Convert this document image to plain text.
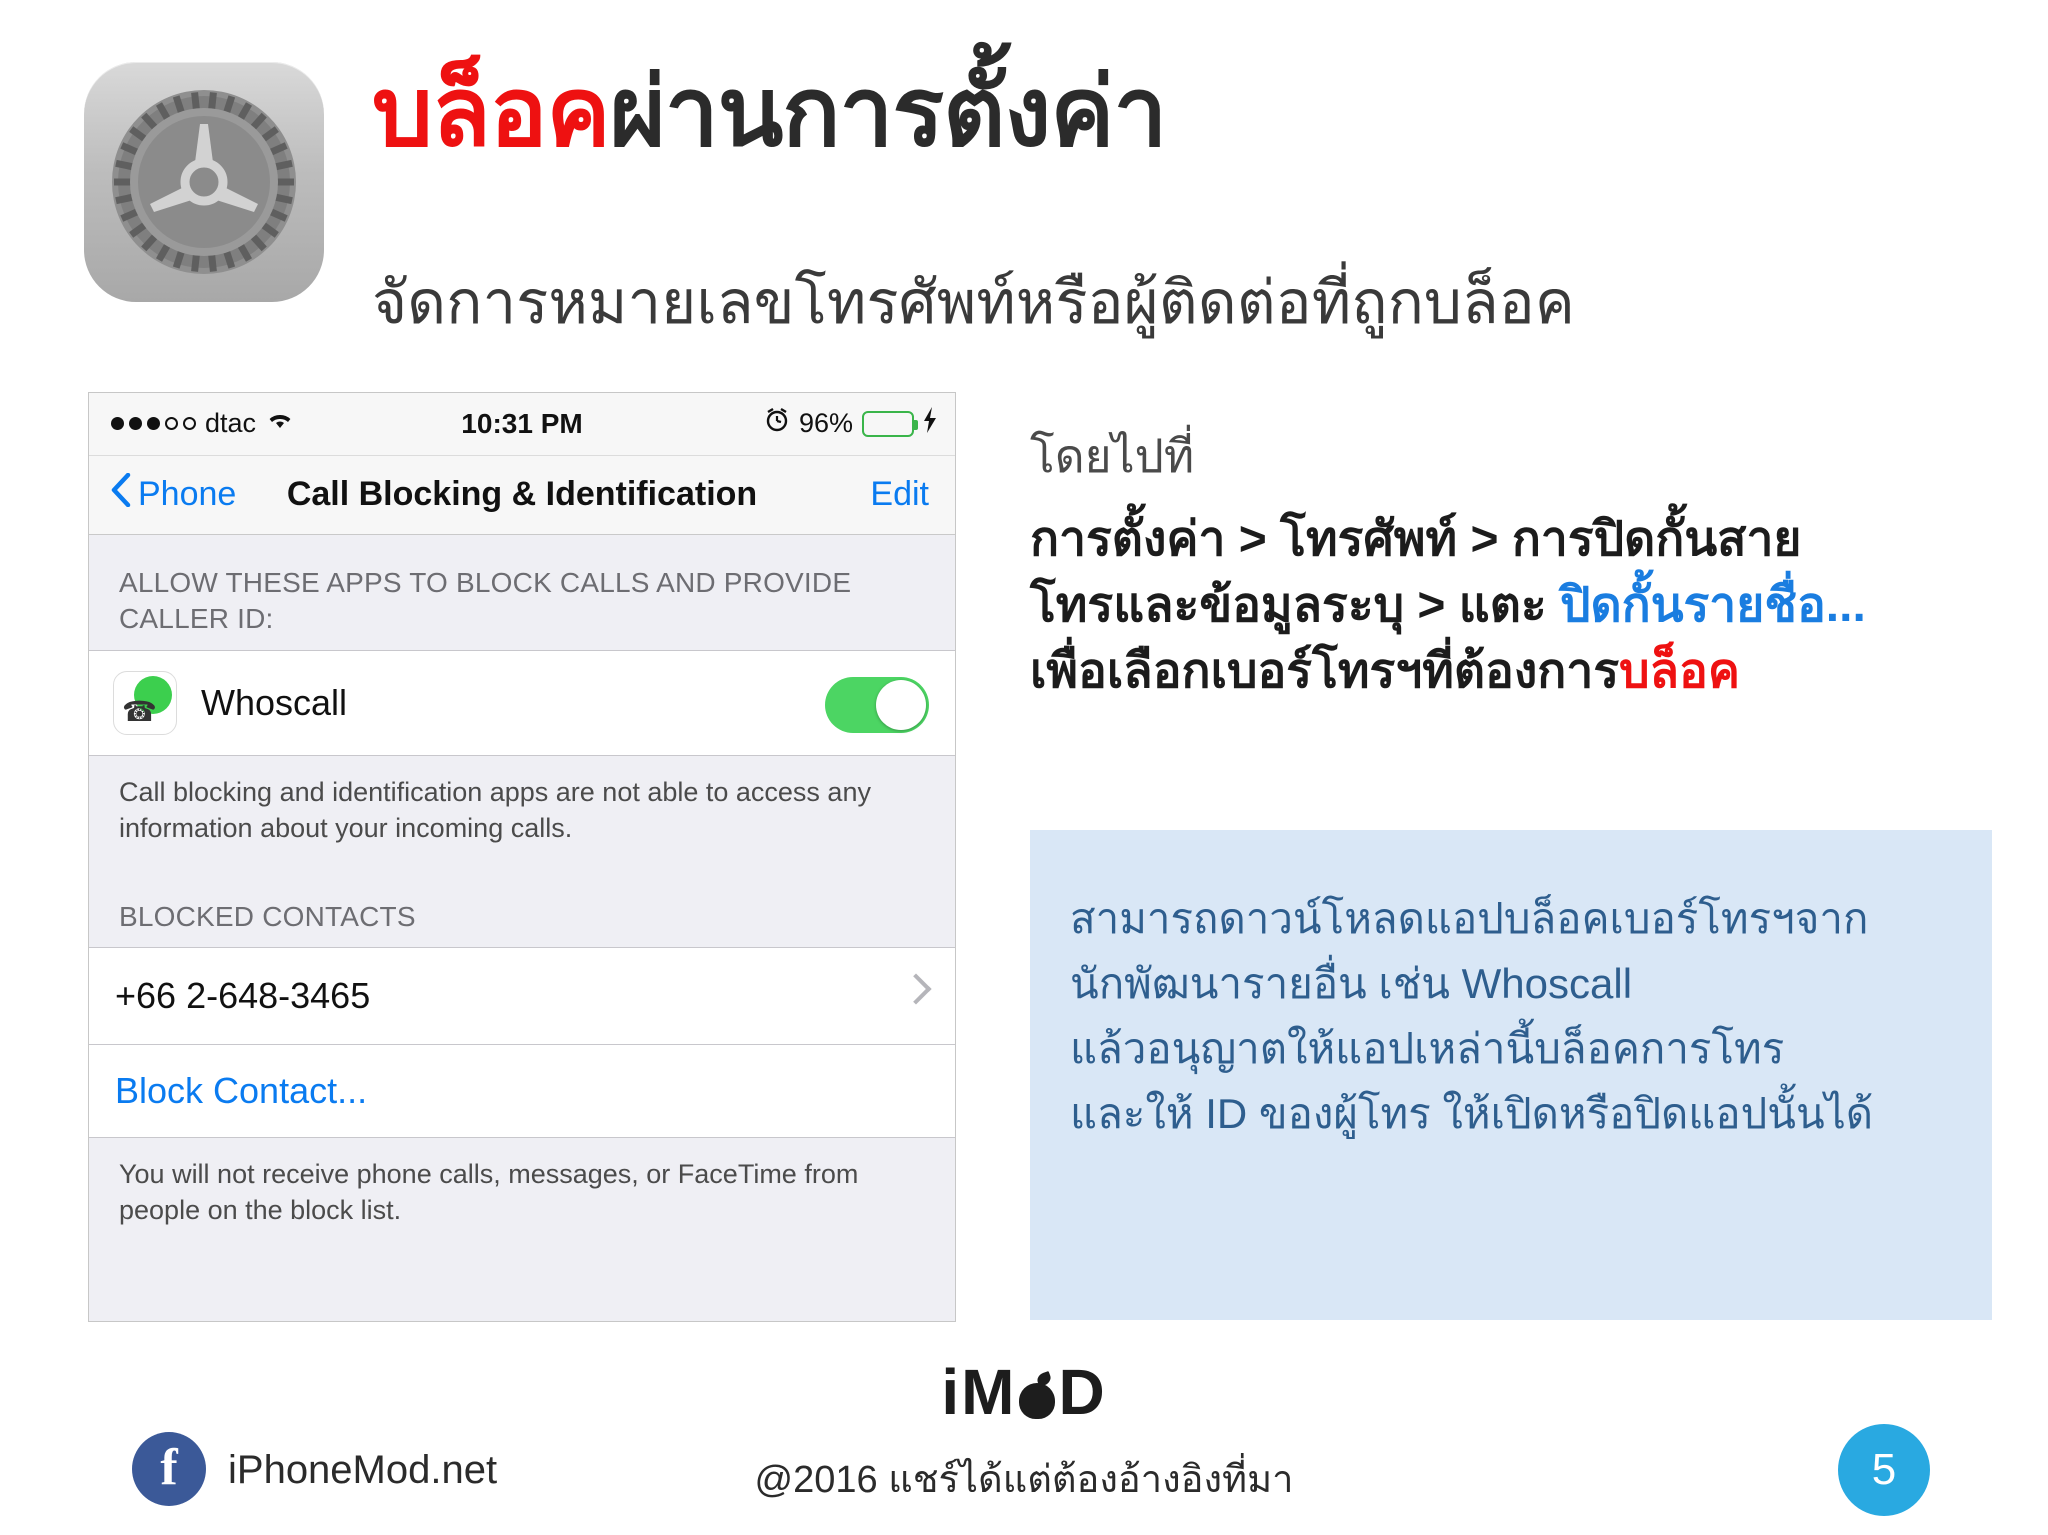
บล็อคผ่านการตั้งค่า
จัดการหมายเลขโทรศัพท์หรือผู้ติดต่อที่ถูกบล็อค
dtac	10:31 PM	96%
Phone	Call Blocking & Identification	Edit
ALLOW THESE APPS TO BLOCK CALLS AND PROVIDE CALLER ID:
☎ Whoscall
Call blocking and identification apps are not able to access any information about your incoming calls.
BLOCKED CONTACTS
+66 2-648-3465
Block Contact...
You will not receive phone calls, messages, or FaceTime from people on the block list.
โดยไปที่
การตั้งค่า > โทรศัพท์ > การปิดกั้นสาย
โทรและข้อมูลระบุ > แตะ ปิดกั้นรายชื่อ...
เพื่อเลือกเบอร์โทรฯที่ต้องการบล็อค
สามารถดาวน์โหลดแอปบล็อคเบอร์โทรฯจาก
นักพัฒนารายอื่น เช่น Whoscall
แล้วอนุญาตให้แอปเหล่านี้บล็อคการโทร
และให้ ID ของผู้โทร ให้เปิดหรือปิดแอปนั้นได้
f	iPhoneMod.net
iM D
@2016 แชร์ได้แต่ต้องอ้างอิงที่มา	5
